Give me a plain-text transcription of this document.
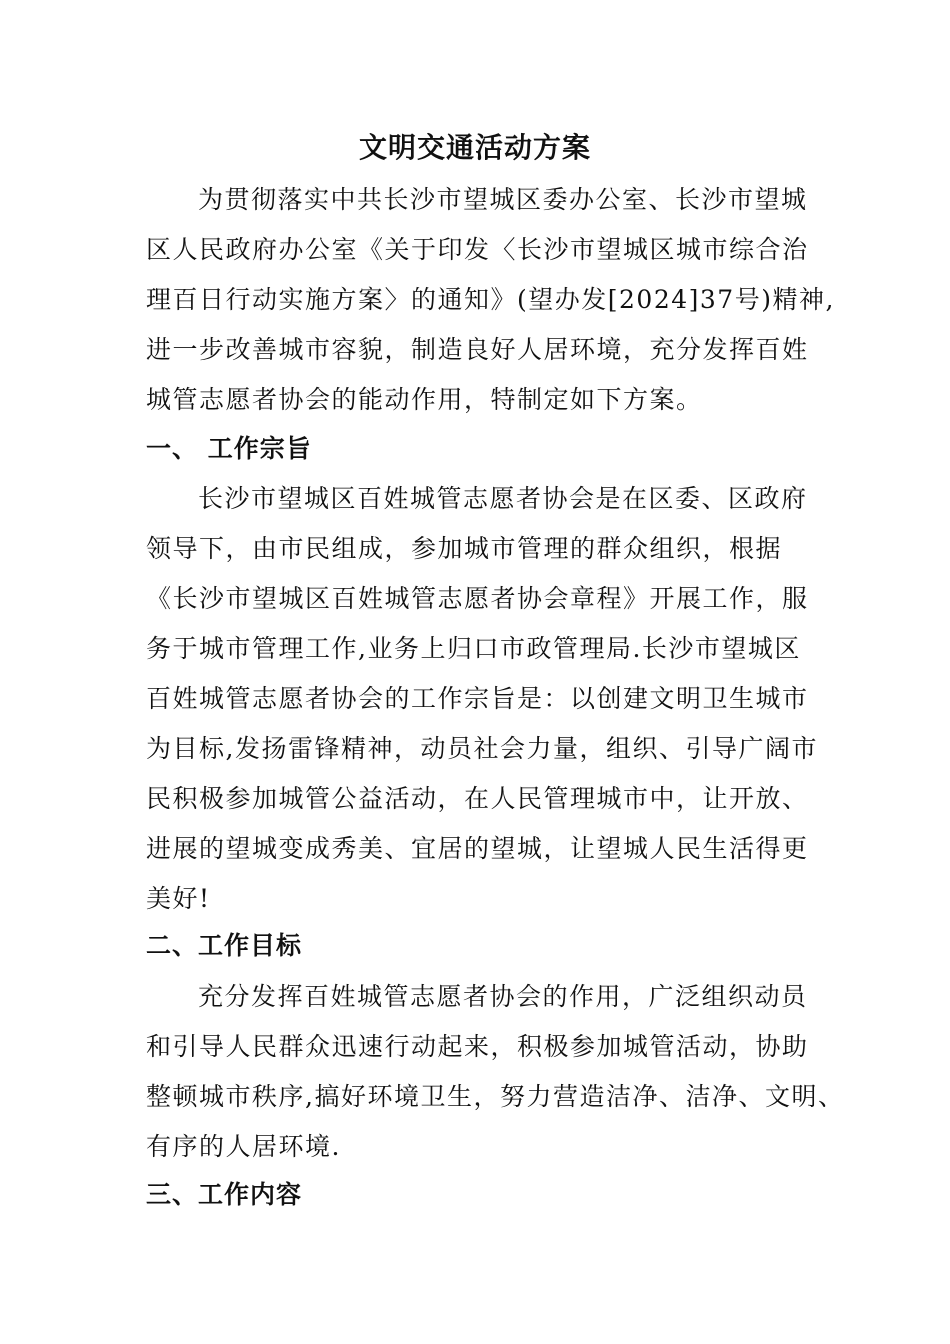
文明交通活动方案
为贯彻落实中共长沙市望城区委办公室、长沙市望城
区人民政府办公室《关于印发〈长沙市望城区城市综合治
理百日行动实施方案〉的通知》(望办发[2024]37号)精神,
进一步改善城市容貌，制造良好人居环境，充分发挥百姓
城管志愿者协会的能动作用，特制定如下方案。
一、 工作宗旨
长沙市望城区百姓城管志愿者协会是在区委、区政府
领导下，由市民组成，参加城市管理的群众组织，根据
《长沙市望城区百姓城管志愿者协会章程》开展工作，服
务于城市管理工作,业务上归口市政管理局.长沙市望城区
百姓城管志愿者协会的工作宗旨是：以创建文明卫生城市
为目标,发扬雷锋精神，动员社会力量，组织、引导广阔市
民积极参加城管公益活动，在人民管理城市中，让开放、
进展的望城变成秀美、宜居的望城，让望城人民生活得更
美好!
二、工作目标
充分发挥百姓城管志愿者协会的作用，广泛组织动员
和引导人民群众迅速行动起来，积极参加城管活动，协助
整顿城市秩序,搞好环境卫生，努力营造洁净、洁净、文明、
有序的人居环境.
三、工作内容
